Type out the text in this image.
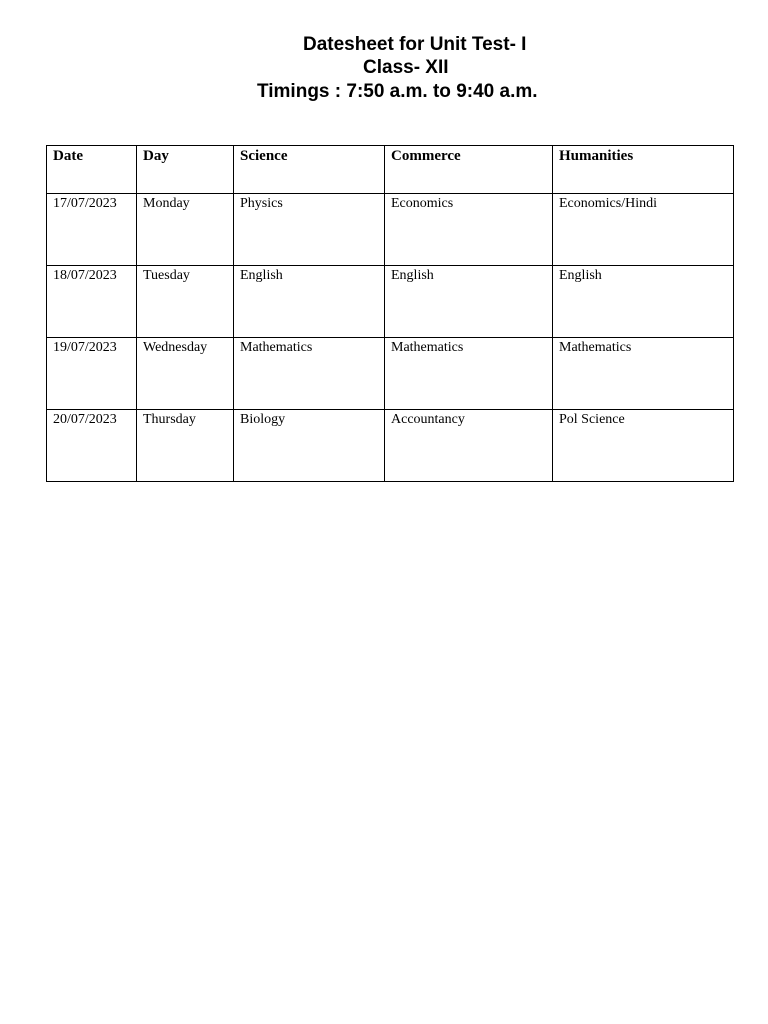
Datesheet for Unit Test- I
Class- XII
Timings : 7:50 a.m. to 9:40 a.m.
Date	Day	Science	Commerce	Humanities
17/07/2023	Monday	Physics	Economics	Economics/Hindi
18/07/2023	Tuesday	English	English	English
19/07/2023	Wednesday	Mathematics	Mathematics	Mathematics
20/07/2023	Thursday	Biology	Accountancy	Pol Science
